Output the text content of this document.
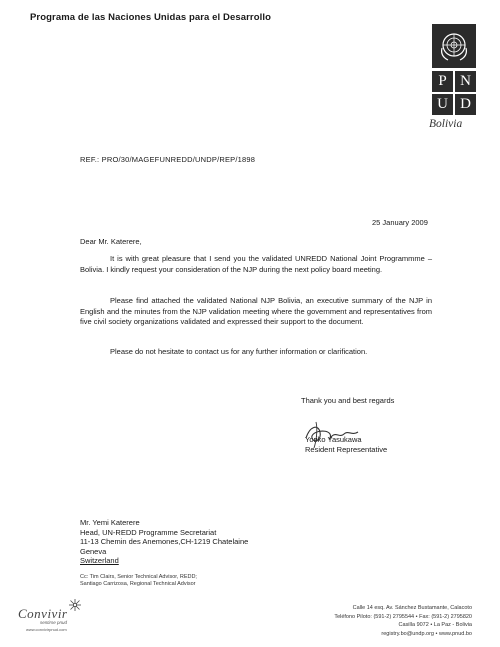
Programa de las Naciones Unidas para el Desarrollo
P N
U D
Bolivia
REF.: PRO/30/MAGEFUNREDD/UNDP/REP/1898
25 January 2009
Dear Mr. Katerere,

It is with great pleasure that I send you the validated UNREDD National Joint Programmme – Bolivia. I kindly request your consideration of the NJP during the next policy board meeting.

Please find attached the validated National NJP Bolivia, an executive summary of the NJP in English and the minutes from the NJP validation meeting where the government and representatives from five civil society organizations validated and expressed their support to the document.

Please do not hesitate to contact us for any further information or clarification.

Thank you and best regards
Yoriko Yasukawa
Resident Representative
Mr. Yemi Katerere
Head, UN-REDD Programme Secretariat
11-13 Chemin des Anemones,CH-1219 Chatelaine
Geneva
Switzerland
Cc: Tim Clairs, Senior Technical Advisor, REDD;
Santiago Carrizosa, Regional Technical Advisor
Convivir
sentirse pnud
www.convivirpnud.com
Calle 14 esq. Av. Sánchez Bustamante, Calacoto
Teléfono Piloto: (591-2) 2795544 • Fax: (591-2) 2795820
Casilla 9072 • La Paz - Bolivia
registry.bo@undp.org • www.pnud.bo
